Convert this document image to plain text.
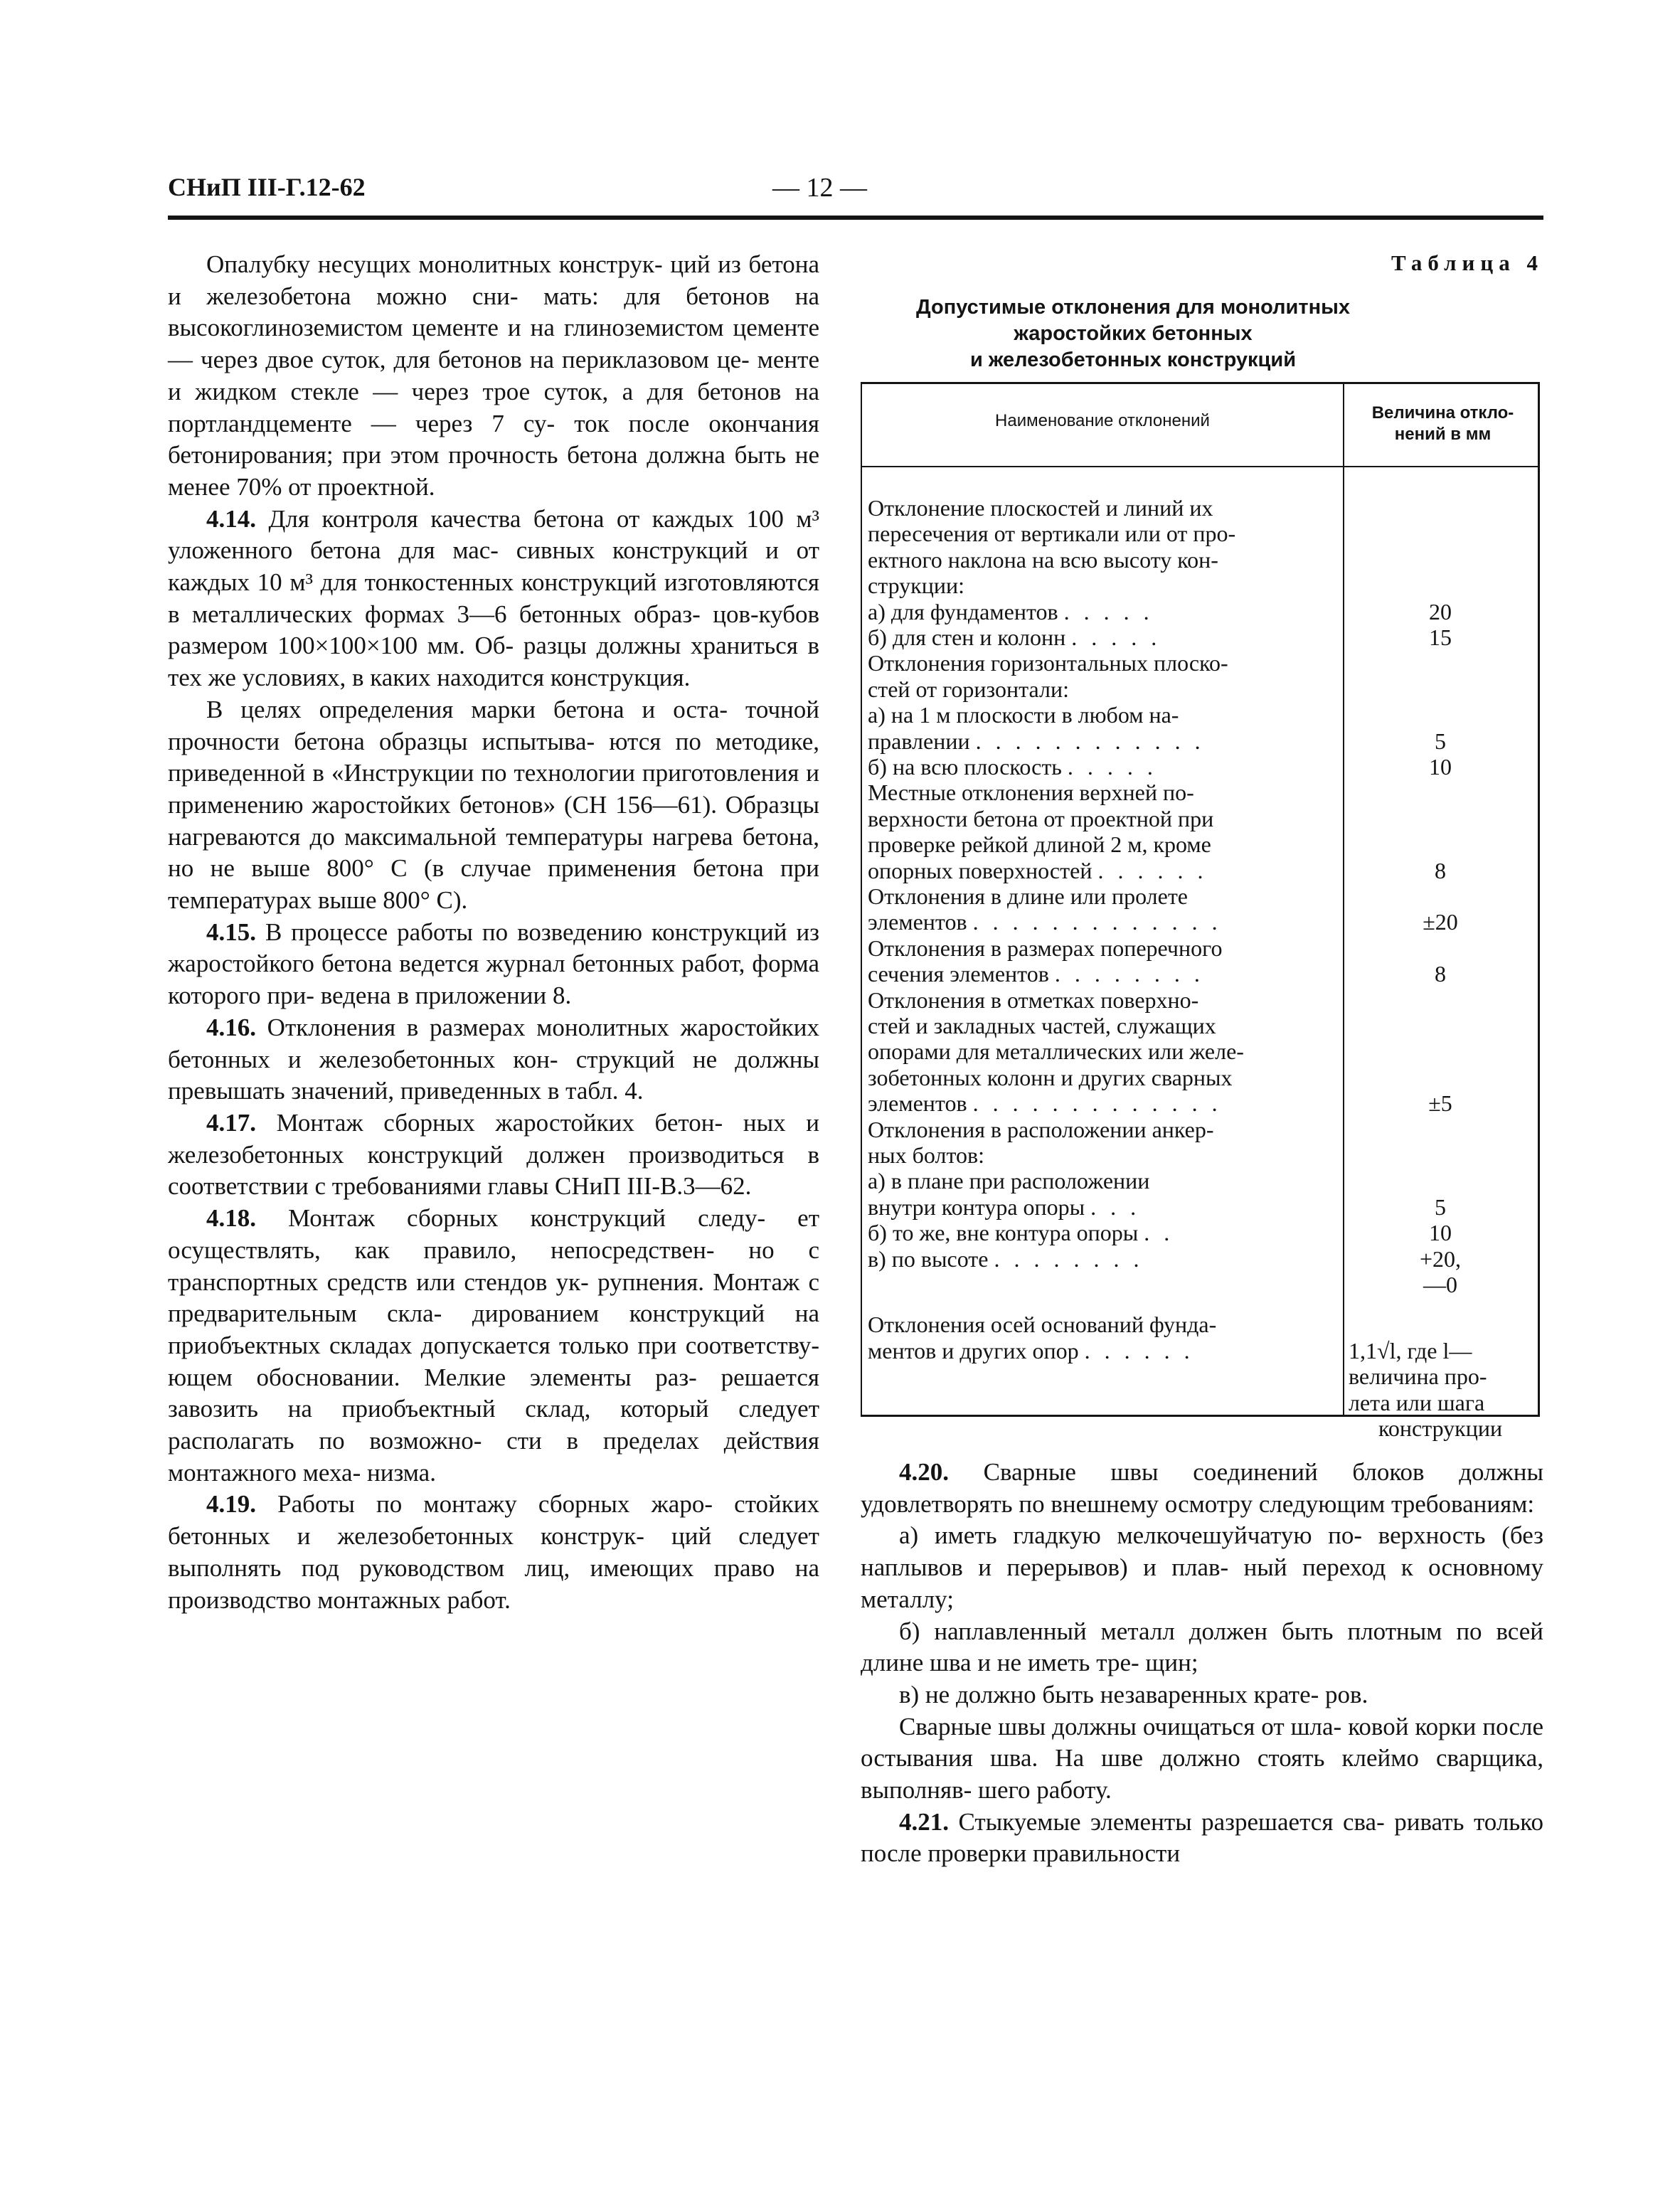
СНиП III-Г.12-62	— 12 —

Опалубку несущих монолитных конструк- ций из бетона и железобетона можно сни- мать: для бетонов на высокоглиноземистом цементе и на глиноземистом цементе — через двое суток, для бетонов на периклазовом це- менте и жидком стекле — через трое суток, а для бетонов на портландцементе — через 7 су- ток после окончания бетонирования; при этом прочность бетона должна быть не менее 70% от проектной.

4.14. Для контроля качества бетона от каждых 100 м³ уложенного бетона для мас- сивных конструкций и от каждых 10 м³ для тонкостенных конструкций изготовляются в металлических формах 3—6 бетонных образ- цов-кубов размером 100×100×100 мм. Об- разцы должны храниться в тех же условиях, в каких находится конструкция.

В целях определения марки бетона и оста- точной прочности бетона образцы испытыва- ются по методике, приведенной в «Инструкции по технологии приготовления и применению жаростойких бетонов» (СН 156—61). Образцы нагреваются до максимальной температуры нагрева бетона, но не выше 800° С (в случае применения бетона при температурах выше 800° С).

4.15. В процессе работы по возведению конструкций из жаростойкого бетона ведется журнал бетонных работ, форма которого при- ведена в приложении 8.

4.16. Отклонения в размерах монолитных жаростойких бетонных и железобетонных кон- струкций не должны превышать значений, приведенных в табл. 4.

4.17. Монтаж сборных жаростойких бетон- ных и железобетонных конструкций должен производиться в соответствии с требованиями главы СНиП III-В.3—62.

4.18. Монтаж сборных конструкций следу- ет осуществлять, как правило, непосредствен- но с транспортных средств или стендов ук- рупнения. Монтаж с предварительным скла- дированием конструкций на приобъектных складах допускается только при соответству- ющем обосновании. Мелкие элементы раз- решается завозить на приобъектный склад, который следует располагать по возможно- сти в пределах действия монтажного меха- низма.

4.19. Работы по монтажу сборных жаро- стойких бетонных и железобетонных конструк- ций следует выполнять под руководством лиц, имеющих право на производство монтажных работ.

Таблица 4
Допустимые отклонения для монолитных
жаростойких бетонных
и железобетонных конструкций
Наименование отклонений	Величина откло-
нений в мм
Отклонение плоскостей и линий их
пересечения от вертикали или от про-
ектного наклона на всю высоту кон-
струкции:
а) для фундаментов . . . . .	20
б) для стен и колонн . . . . .	15
Отклонения горизонтальных плоско-
стей от горизонтали:
а) на 1 м плоскости в любом на-
правлении . . . . . . . . . . . .	5
б) на всю плоскость . . . . .	10
Местные отклонения верхней по-
верхности бетона от проектной при
проверке рейкой длиной 2 м, кроме
опорных поверхностей . . . . . .	8
Отклонения в длине или пролете
элементов . . . . . . . . . . . . .	±20
Отклонения в размерах поперечного
сечения элементов . . . . . . . .	8
Отклонения в отметках поверхно-
стей и закладных частей, служащих
опорами для металлических или желе-
зобетонных колонн и других сварных
элементов . . . . . . . . . . . . .	±5
Отклонения в расположении анкер-
ных болтов:
а) в плане при расположении
внутри контура опоры . . .	5
б) то же, вне контура опоры . .	10
в) по высоте . . . . . . . .	+20,
—0
Отклонения осей оснований фунда-
ментов и других опор . . . . . .	1,1√l, где l—
величина про-
лета или шага
конструкции

4.20. Сварные швы соединений блоков должны удовлетворять по внешнему осмотру следующим требованиям:

а) иметь гладкую мелкочешуйчатую по- верхность (без наплывов и перерывов) и плав- ный переход к основному металлу;

б) наплавленный металл должен быть плотным по всей длине шва и не иметь тре- щин;

в) не должно быть незаваренных крате- ров.

Сварные швы должны очищаться от шла- ковой корки после остывания шва. На шве должно стоять клеймо сварщика, выполняв- шего работу.

4.21. Стыкуемые элементы разрешается сва- ривать только после проверки правильности
